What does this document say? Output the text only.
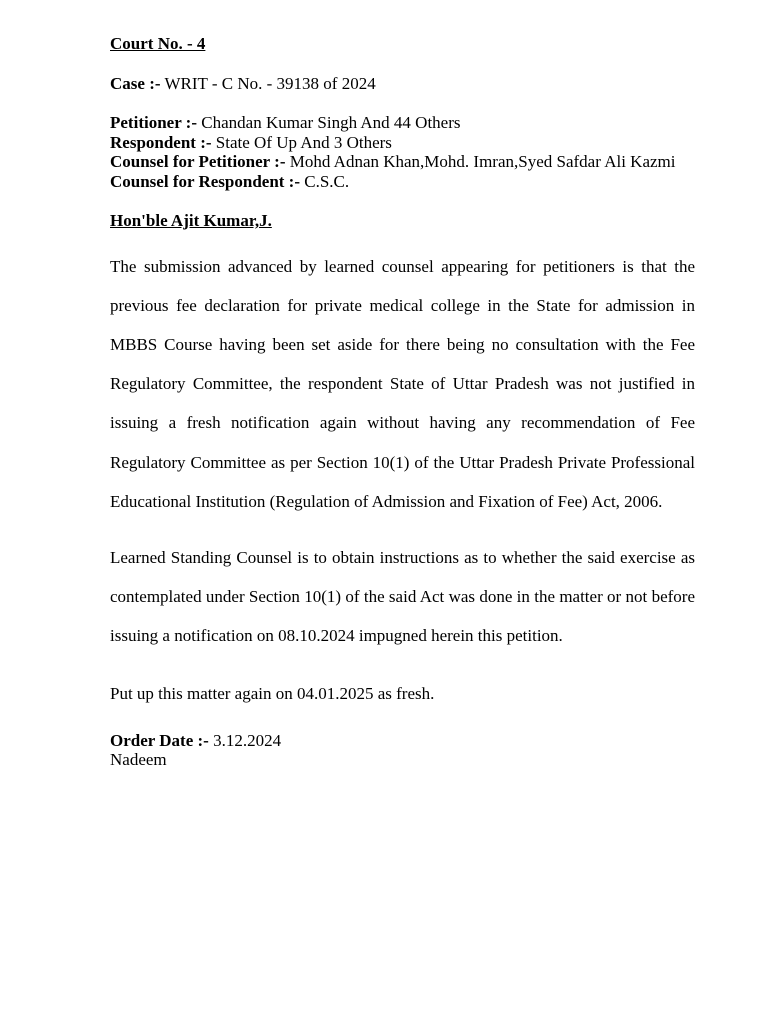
Court No. - 4

Case :- WRIT - C No. - 39138 of 2024

Petitioner :- Chandan Kumar Singh And 44 Others

Respondent :- State Of Up And 3 Others

Counsel for Petitioner :- Mohd Adnan Khan,Mohd. Imran,Syed Safdar Ali Kazmi

Counsel for Respondent :- C.S.C.

Hon'ble Ajit Kumar,J.

The submission advanced by learned counsel appearing for petitioners is that the previous fee declaration for private medical college in the State for admission in MBBS Course having been set aside for there being no consultation with the Fee Regulatory Committee, the respondent State of Uttar Pradesh was not justified in issuing a fresh notification again without having any recommendation of Fee Regulatory Committee as per Section 10(1) of the Uttar Pradesh Private Professional Educational Institution (Regulation of Admission and Fixation of Fee) Act, 2006.

Learned Standing Counsel is to obtain instructions as to whether the said exercise as contemplated under Section 10(1) of the said Act was done in the matter or not before issuing a notification on 08.10.2024 impugned herein this petition.

Put up this matter again on 04.01.2025 as fresh.

Order Date :- 3.12.2024

Nadeem
